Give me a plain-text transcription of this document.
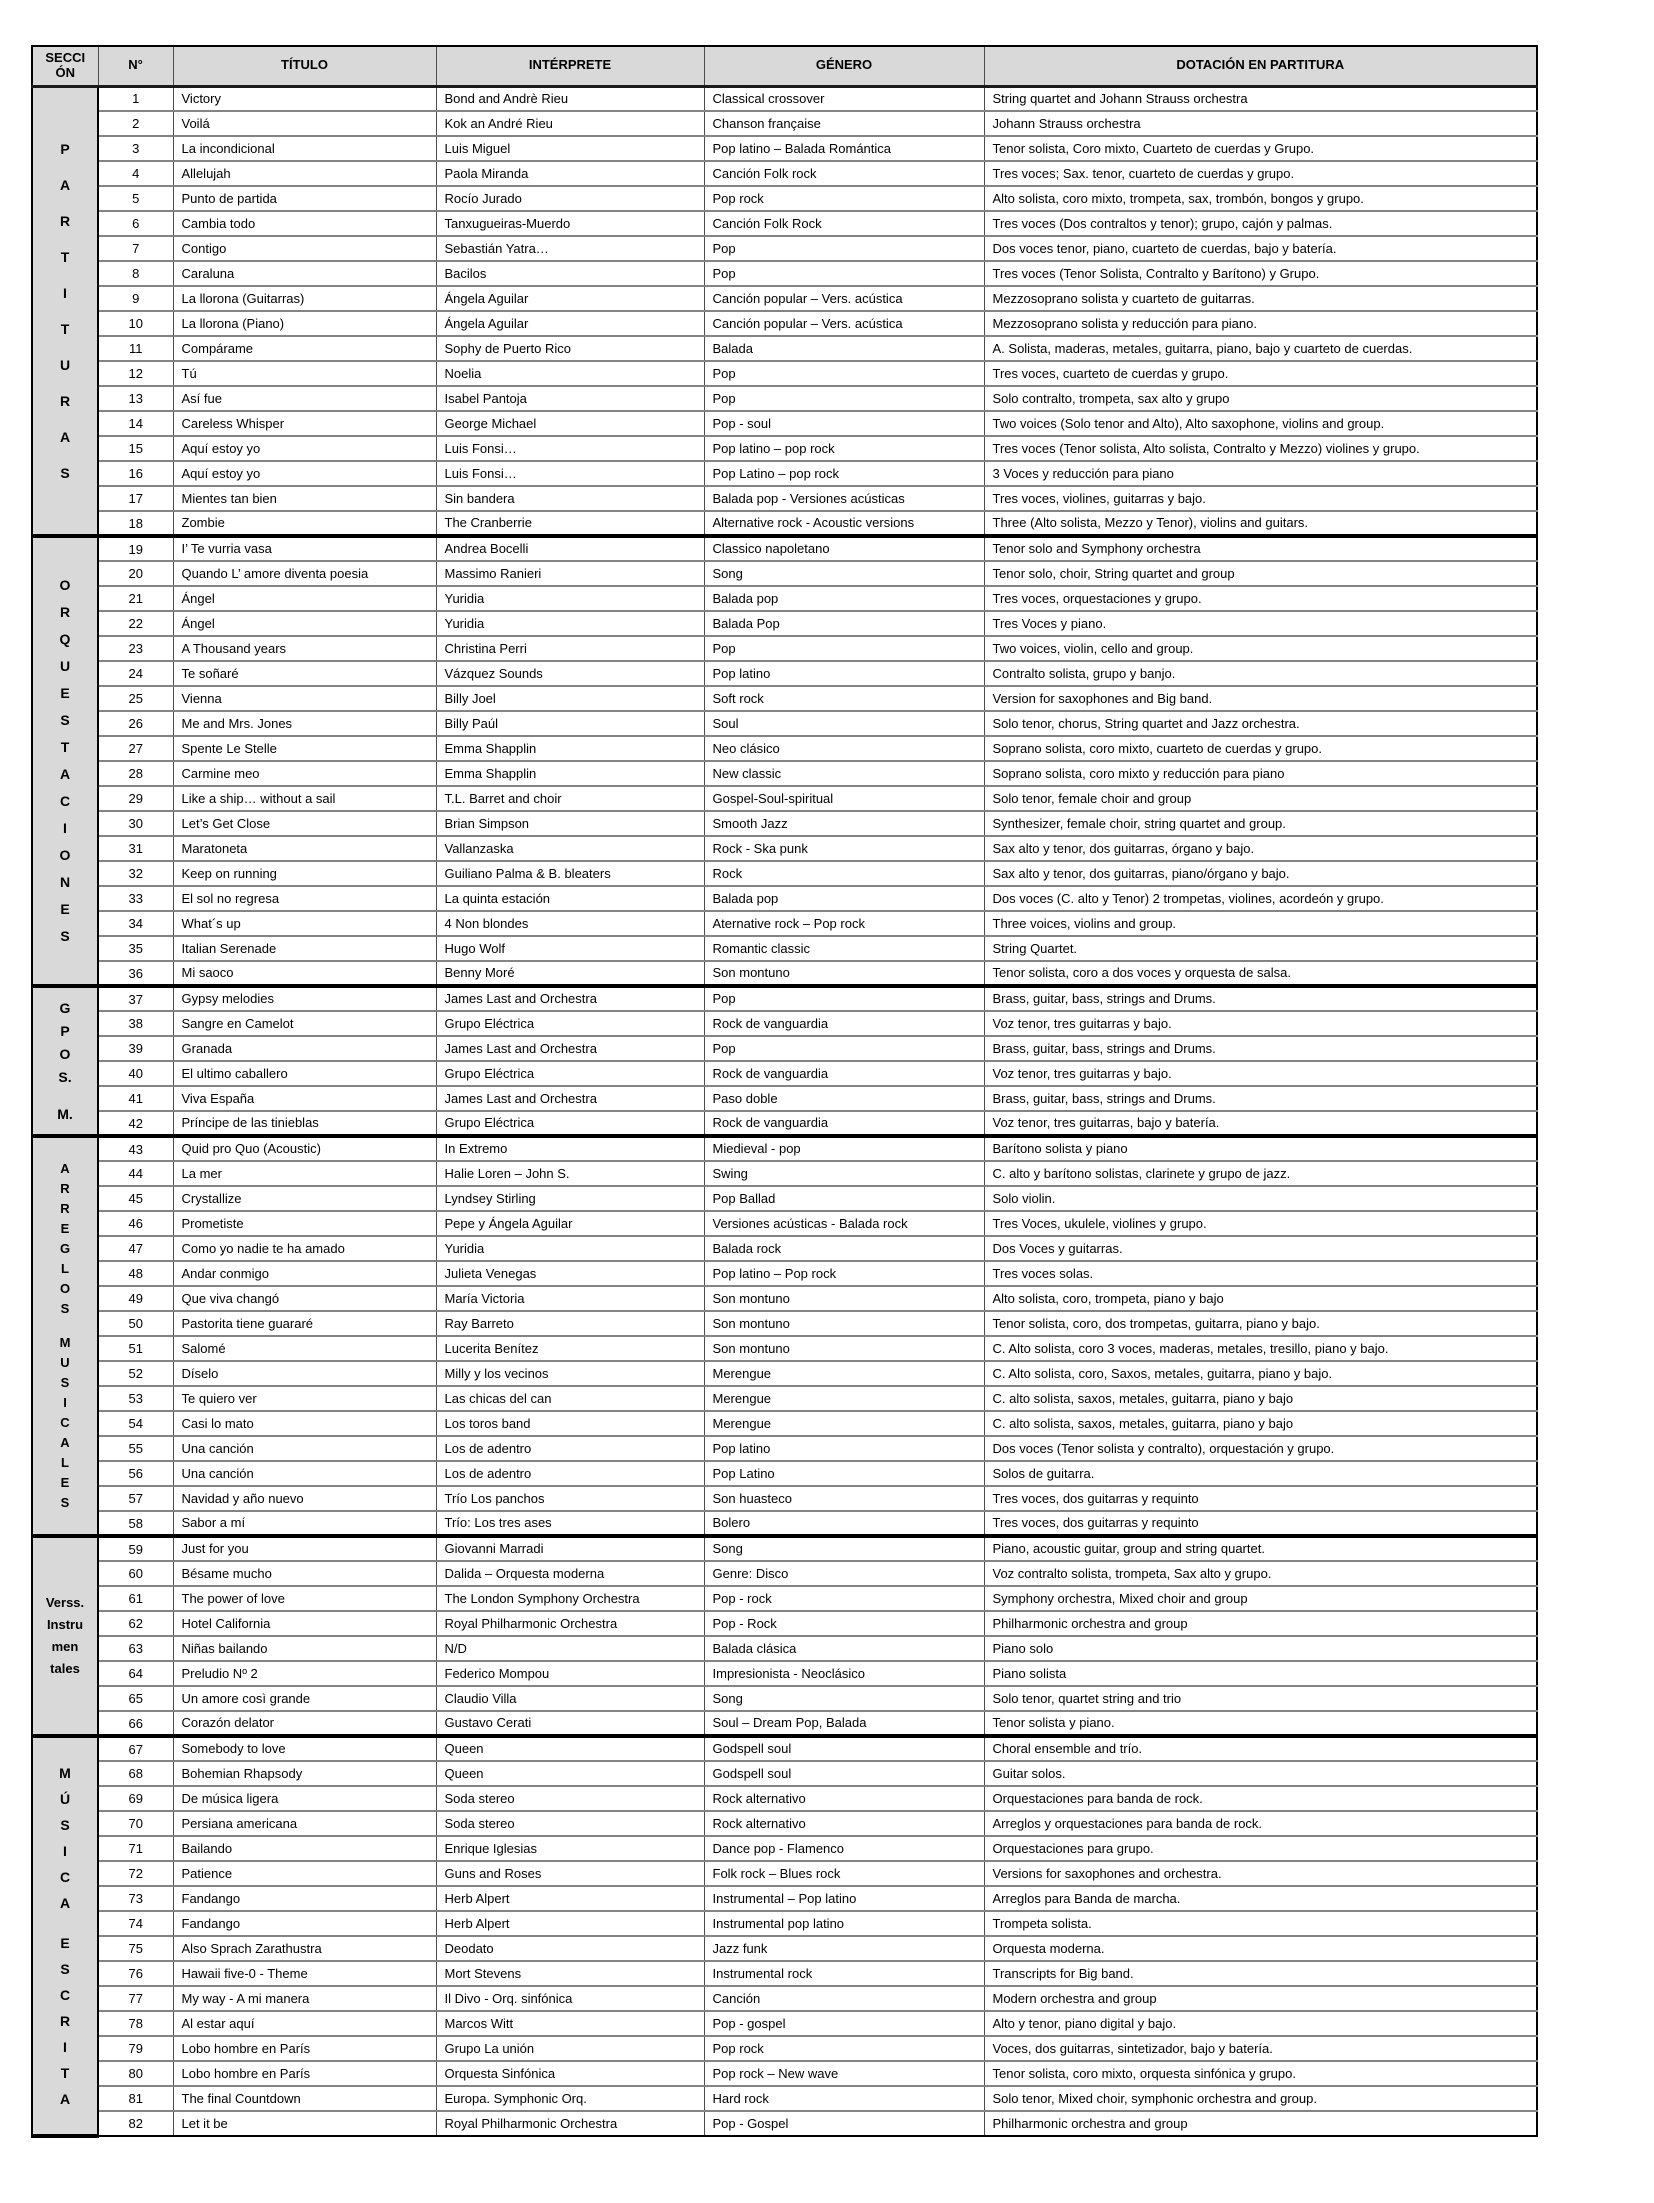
SECCI
ÓN	N°	TÍTULO	INTÉRPRETE	GÉNERO	DOTACIÓN EN PARTITURA

P
A
R
T
I
T
U
R
A
S
	1	Victory	Bond and Andrè Rieu	Classical crossover	String quartet and Johann Strauss orchestra
	2	Voilá	Kok an André Rieu	Chanson française	Johann Strauss orchestra
	3	La incondicional	Luis Miguel	Pop latino – Balada Romántica	Tenor solista, Coro mixto, Cuarteto de cuerdas y Grupo.
	4	Allelujah	Paola Miranda	Canción Folk rock	Tres voces; Sax. tenor, cuarteto de cuerdas y grupo.
	5	Punto de partida	Rocío Jurado	Pop rock	Alto solista, coro mixto, trompeta, sax, trombón, bongos y grupo.
	6	Cambia todo	Tanxugueiras-Muerdo	Canción Folk Rock	Tres voces (Dos contraltos y tenor); grupo, cajón y palmas.
	7	Contigo	Sebastián Yatra…	Pop	Dos voces tenor, piano, cuarteto de cuerdas, bajo y batería.
	8	Caraluna	Bacilos	Pop	Tres voces (Tenor Solista, Contralto y Barítono) y Grupo.
	9	La llorona (Guitarras)	Ángela Aguilar	Canción popular – Vers. acústica	Mezzosoprano solista y cuarteto de guitarras.
	10	La llorona (Piano)	Ángela Aguilar	Canción popular – Vers. acústica	Mezzosoprano solista y reducción para piano.
	11	Compárame	Sophy de Puerto Rico	Balada	A. Solista, maderas, metales, guitarra, piano, bajo y cuarteto de cuerdas.
	12	Tú	Noelia	Pop	Tres voces, cuarteto de cuerdas y grupo.
	13	Así fue	Isabel Pantoja	Pop	Solo contralto, trompeta, sax alto y grupo
	14	Careless Whisper	George Michael	Pop - soul	Two voices (Solo tenor and Alto), Alto saxophone, violins and group.
	15	Aquí estoy yo	Luis Fonsi…	Pop latino – pop rock	Tres voces (Tenor solista, Alto solista, Contralto y Mezzo) violines y grupo.
	16	Aquí estoy yo	Luis Fonsi…	Pop Latino – pop rock	3 Voces y reducción para piano
	17	Mientes tan bien	Sin bandera	Balada pop - Versiones acústicas	Tres voces, violines, guitarras y bajo.
	18	Zombie	The Cranberrie	Alternative rock - Acoustic versions	Three (Alto solista, Mezzo y Tenor), violins and guitars.

O
R
Q
U
E
S
T
A
C
I
O
N
E
S
	19	I’ Te vurria vasa	Andrea Bocelli	Classico napoletano	Tenor solo and Symphony orchestra
	20	Quando L’ amore diventa poesia	Massimo Ranieri	Song	Tenor solo, choir, String quartet and group
	21	Ángel	Yuridia	Balada pop	Tres voces, orquestaciones y grupo.
	22	Ángel	Yuridia	Balada Pop	Tres Voces y piano.
	23	A Thousand years	Christina Perri	Pop	Two voices, violin, cello and group.
	24	Te soñaré	Vázquez Sounds	Pop latino	Contralto solista, grupo y banjo.
	25	Vienna	Billy Joel	Soft rock	Version for saxophones and Big band.
	26	Me and Mrs. Jones	Billy Paúl	Soul	Solo tenor, chorus, String quartet and Jazz orchestra.
	27	Spente Le Stelle	Emma Shapplin	Neo clásico	Soprano solista, coro mixto, cuarteto de cuerdas y grupo.
	28	Carmine meo	Emma Shapplin	New classic	Soprano solista, coro mixto y reducción para piano
	29	Like a ship… without a sail	T.L. Barret and choir	Gospel-Soul-spiritual	Solo tenor, female choir and group
	30	Let’s Get Close	Brian Simpson	Smooth Jazz	Synthesizer, female choir, string quartet and group.
	31	Maratoneta	Vallanzaska	Rock - Ska punk	Sax alto y tenor, dos guitarras, órgano y bajo.
	32	Keep on running	Guiliano Palma & B. bleaters	Rock	Sax alto y tenor, dos guitarras, piano/órgano y bajo.
	33	El sol no regresa	La quinta estación	Balada pop	Dos voces (C. alto y Tenor) 2 trompetas, violines, acordeón y grupo.
	34	What´s up	4 Non blondes	Aternative rock – Pop rock	Three voices, violins and group.
	35	Italian Serenade	Hugo Wolf	Romantic classic	String Quartet.
	36	Mi saoco	Benny Moré	Son montuno	Tenor solista, coro a dos voces y orquesta de salsa.

G
P
O
S.

M.	37	Gypsy melodies	James Last and Orchestra	Pop	Brass, guitar, bass, strings and Drums.
	38	Sangre en Camelot	Grupo Eléctrica	Rock de vanguardia	Voz tenor, tres guitarras y bajo.
	39	Granada	James Last and Orchestra	Pop	Brass, guitar, bass, strings and Drums.
	40	El ultimo caballero	Grupo Eléctrica	Rock de vanguardia	Voz tenor, tres guitarras y bajo.
	41	Viva España	James Last and Orchestra	Paso doble	Brass, guitar, bass, strings and Drums.
	42	Príncipe de las tinieblas	Grupo Eléctrica	Rock de vanguardia	Voz tenor, tres guitarras, bajo y batería.

A
R
R
E
G
L
O
S

M
U
S
I
C
A
L
E
S
	43	Quid pro Quo (Acoustic)	In Extremo	Miedieval - pop	Barítono solista y piano
	44	La mer	Halie Loren – John S.	Swing	C. alto y barítono solistas, clarinete y grupo de jazz.
	45	Crystallize	Lyndsey Stirling	Pop Ballad	Solo violin.
	46	Prometiste	Pepe y Ángela Aguilar	Versiones acústicas - Balada rock	Tres Voces, ukulele, violines y grupo.
	47	Como yo nadie te ha amado	Yuridia	Balada rock	Dos Voces y guitarras.
	48	Andar conmigo	Julieta Venegas	Pop latino – Pop rock	Tres voces solas.
	49	Que viva changó	María Victoria	Son montuno	Alto solista, coro, trompeta, piano y bajo
	50	Pastorita tiene guararé	Ray Barreto	Son montuno	Tenor solista, coro, dos trompetas, guitarra, piano y bajo.
	51	Salomé	Lucerita Benítez	Son montuno	C. Alto solista, coro 3 voces, maderas, metales, tresillo, piano y bajo.
	52	Díselo	Milly y los vecinos	Merengue	C. Alto solista, coro, Saxos, metales, guitarra, piano y bajo.
	53	Te quiero ver	Las chicas del can	Merengue	C. alto solista, saxos, metales, guitarra, piano y bajo
	54	Casi lo mato	Los toros band	Merengue	C. alto solista, saxos, metales, guitarra, piano y bajo
	55	Una canción	Los de adentro	Pop latino	Dos voces (Tenor solista y contralto), orquestación y grupo.
	56	Una canción	Los de adentro	Pop Latino	Solos de guitarra.
	57	Navidad y año nuevo	Trío Los panchos	Son huasteco	Tres voces, dos guitarras y requinto
	58	Sabor a mí	Trío: Los tres ases	Bolero	Tres voces, dos guitarras y requinto

Verss.
Instru
men
tales	59	Just for you	Giovanni Marradi	Song	Piano, acoustic guitar, group and string quartet.
	60	Bésame mucho	Dalida – Orquesta moderna	Genre: Disco	Voz contralto solista, trompeta, Sax alto y grupo.
	61	The power of love	The London Symphony Orchestra	Pop - rock	Symphony orchestra, Mixed choir and group
	62	Hotel California	Royal Philharmonic Orchestra	Pop - Rock	Philharmonic orchestra and group
	63	Niñas bailando	N/D	Balada clásica	Piano solo
	64	Preludio Nº 2	Federico Mompou	Impresionista - Neoclásico	Piano solista
	65	Un amore così grande	Claudio Villa	Song	Solo tenor, quartet string and trio
	66	Corazón delator	Gustavo Cerati	Soul – Dream Pop, Balada	Tenor solista y piano.

M
Ú
S
I
C
A

E
S
C
R
I
T
A
	67	Somebody to love	Queen	Godspell soul	Choral ensemble and trío.
	68	Bohemian Rhapsody	Queen	Godspell soul	Guitar solos.
	69	De música ligera	Soda stereo	Rock alternativo	Orquestaciones para banda de rock.
	70	Persiana americana	Soda stereo	Rock alternativo	Arreglos y orquestaciones para banda de rock.
	71	Bailando	Enrique Iglesias	Dance pop - Flamenco	Orquestaciones para grupo.
	72	Patience	Guns and Roses	Folk rock – Blues rock	Versions for saxophones and orchestra.
	73	Fandango	Herb Alpert	Instrumental – Pop latino	Arreglos para Banda de marcha.
	74	Fandango	Herb Alpert	Instrumental pop latino	Trompeta solista.
	75	Also Sprach Zarathustra	Deodato	Jazz funk	Orquesta moderna.
	76	Hawaii five-0 - Theme	Mort Stevens	Instrumental rock	Transcripts for Big band.
	77	My way - A mi manera	Il Divo - Orq. sinfónica	Canción	Modern orchestra and group
	78	Al estar aquí	Marcos Witt	Pop - gospel	Alto y tenor, piano digital y bajo.
	79	Lobo hombre en París	Grupo La unión	Pop rock	Voces, dos guitarras, sintetizador, bajo y batería.
	80	Lobo hombre en París	Orquesta Sinfónica	Pop rock – New wave	Tenor solista, coro mixto, orquesta sinfónica y grupo.
	81	The final Countdown	Europa. Symphonic Orq.	Hard rock	Solo tenor, Mixed choir, symphonic orchestra and group.
	82	Let it be	Royal Philharmonic Orchestra	Pop - Gospel	Philharmonic orchestra and group
